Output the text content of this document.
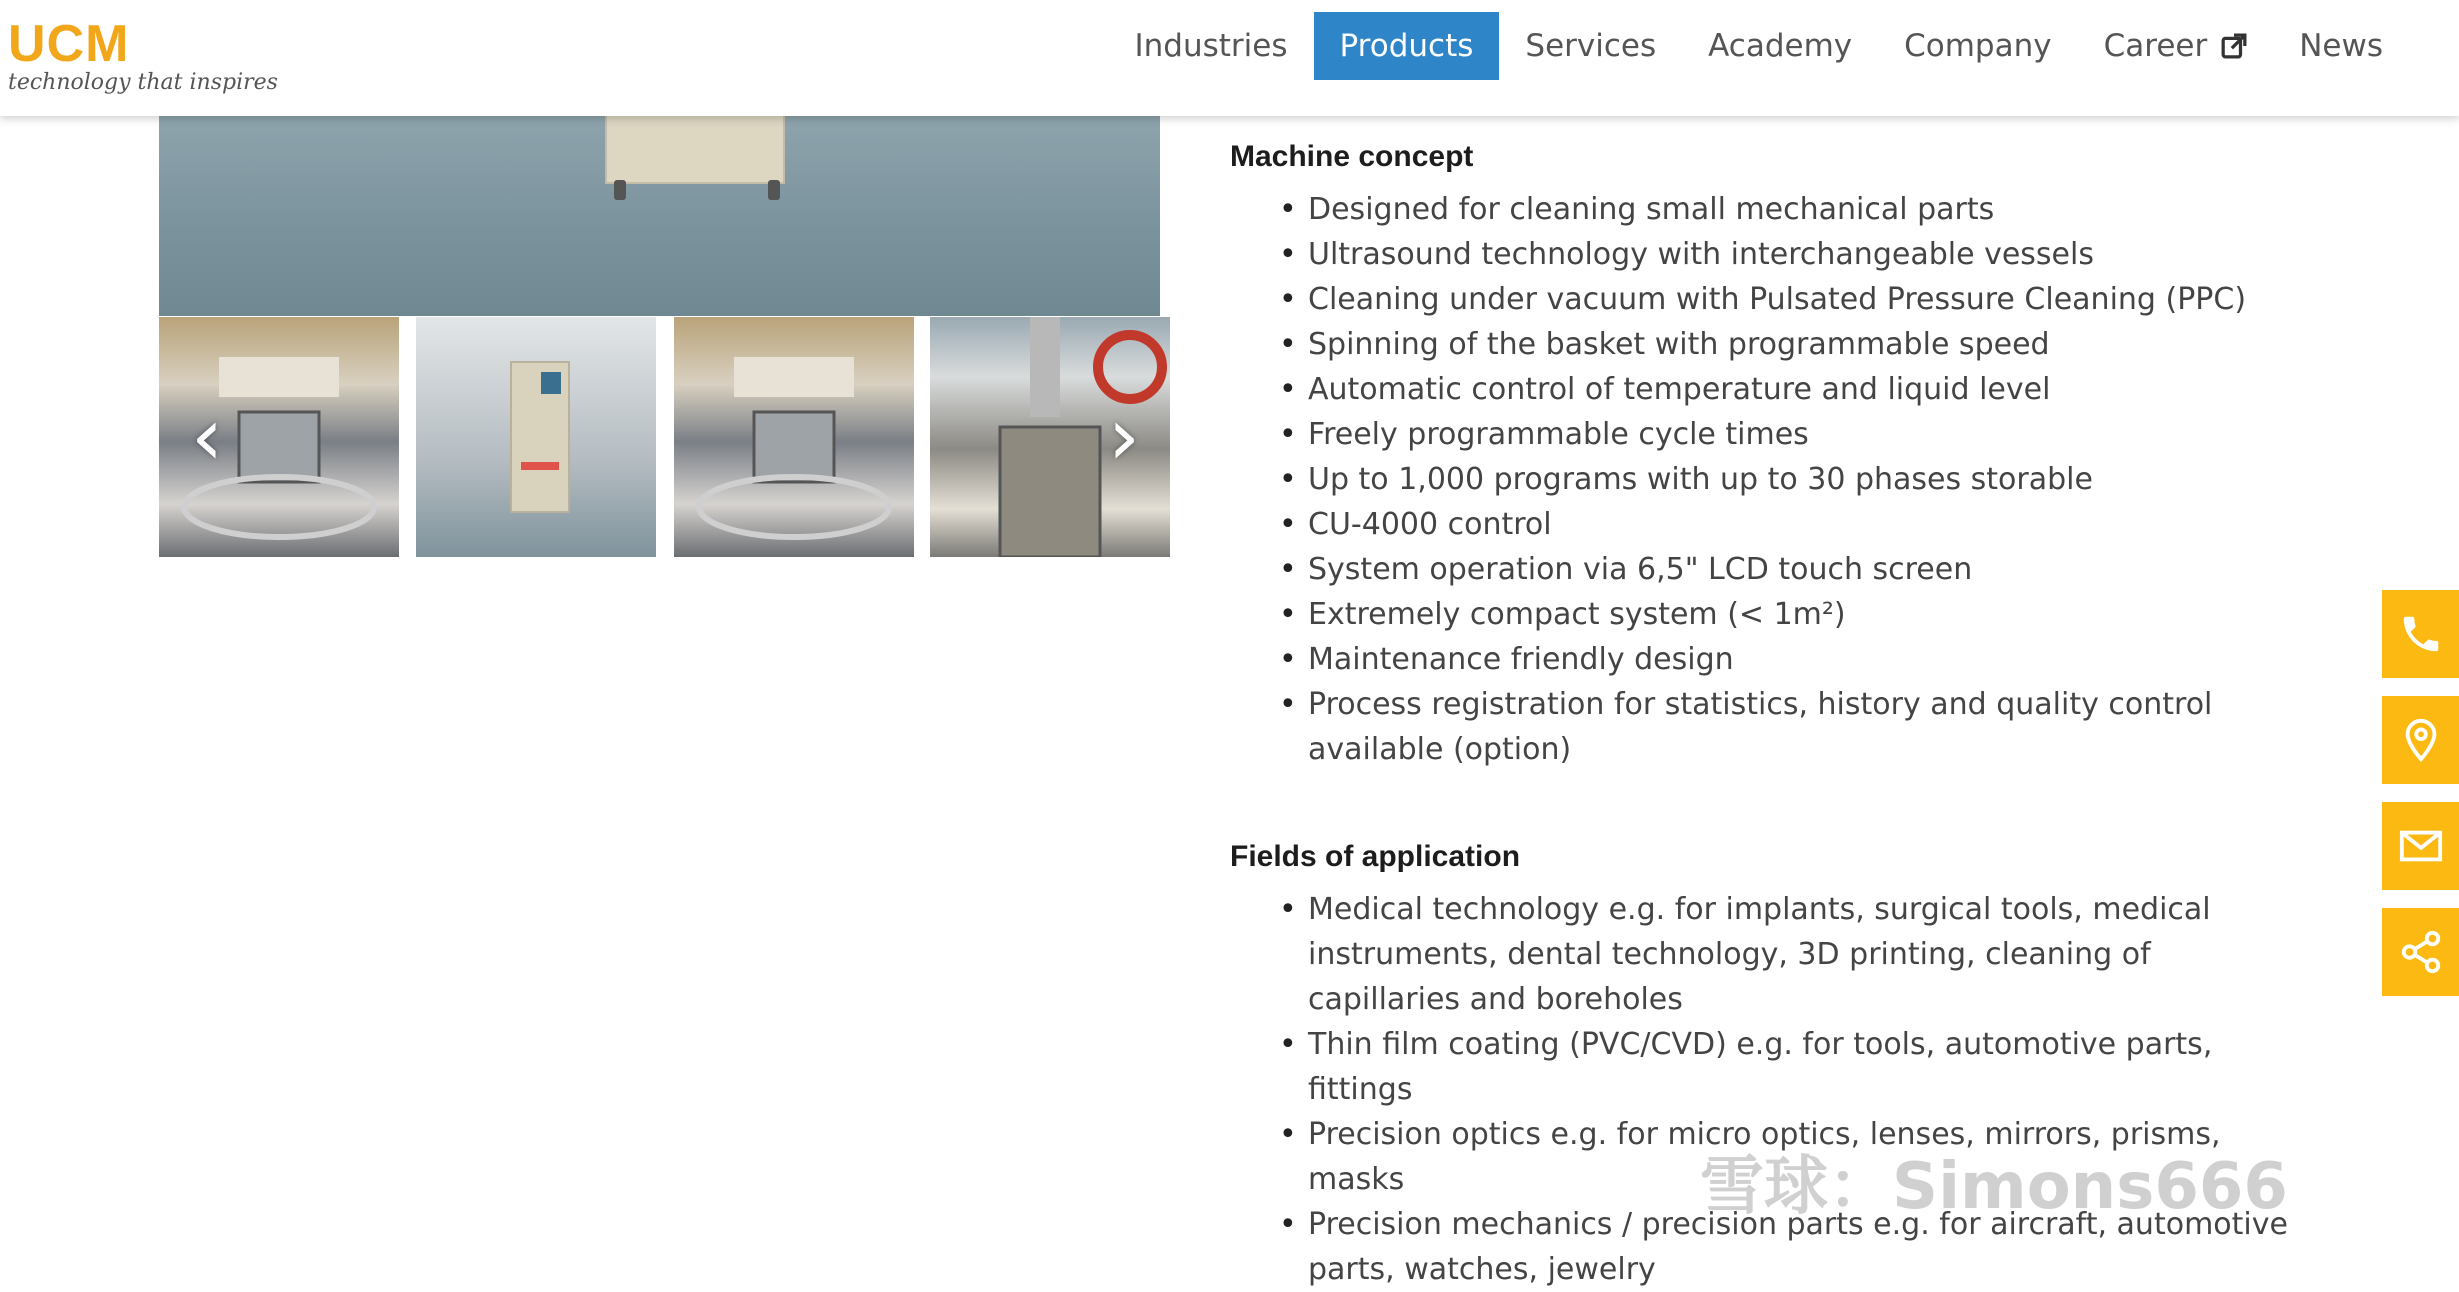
UCM
technology that inspires
Industries	Products	Services	Academy	Company	Career	News
‹	›
Machine concept
• Designed for cleaning small mechanical parts
• Ultrasound technology with interchangeable vessels
• Cleaning under vacuum with Pulsated Pressure Cleaning (PPC)
• Spinning of the basket with programmable speed
• Automatic control of temperature and liquid level
• Freely programmable cycle times
• Up to 1,000 programs with up to 30 phases storable
• CU-4000 control
• System operation via 6,5" LCD touch screen
• Extremely compact system (< 1m²)
• Maintenance friendly design
• Process registration for statistics, history and quality control available (option)
Fields of application
• Medical technology e.g. for implants, surgical tools, medical instruments, dental technology, 3D printing, cleaning of capillaries and boreholes
• Thin film coating (PVC/CVD) e.g. for tools, automotive parts, fittings
• Precision optics e.g. for micro optics, lenses, mirrors, prisms, masks
• Precision mechanics / precision parts e.g. for aircraft, automotive parts, watches, jewelry
雪球：Simons666
